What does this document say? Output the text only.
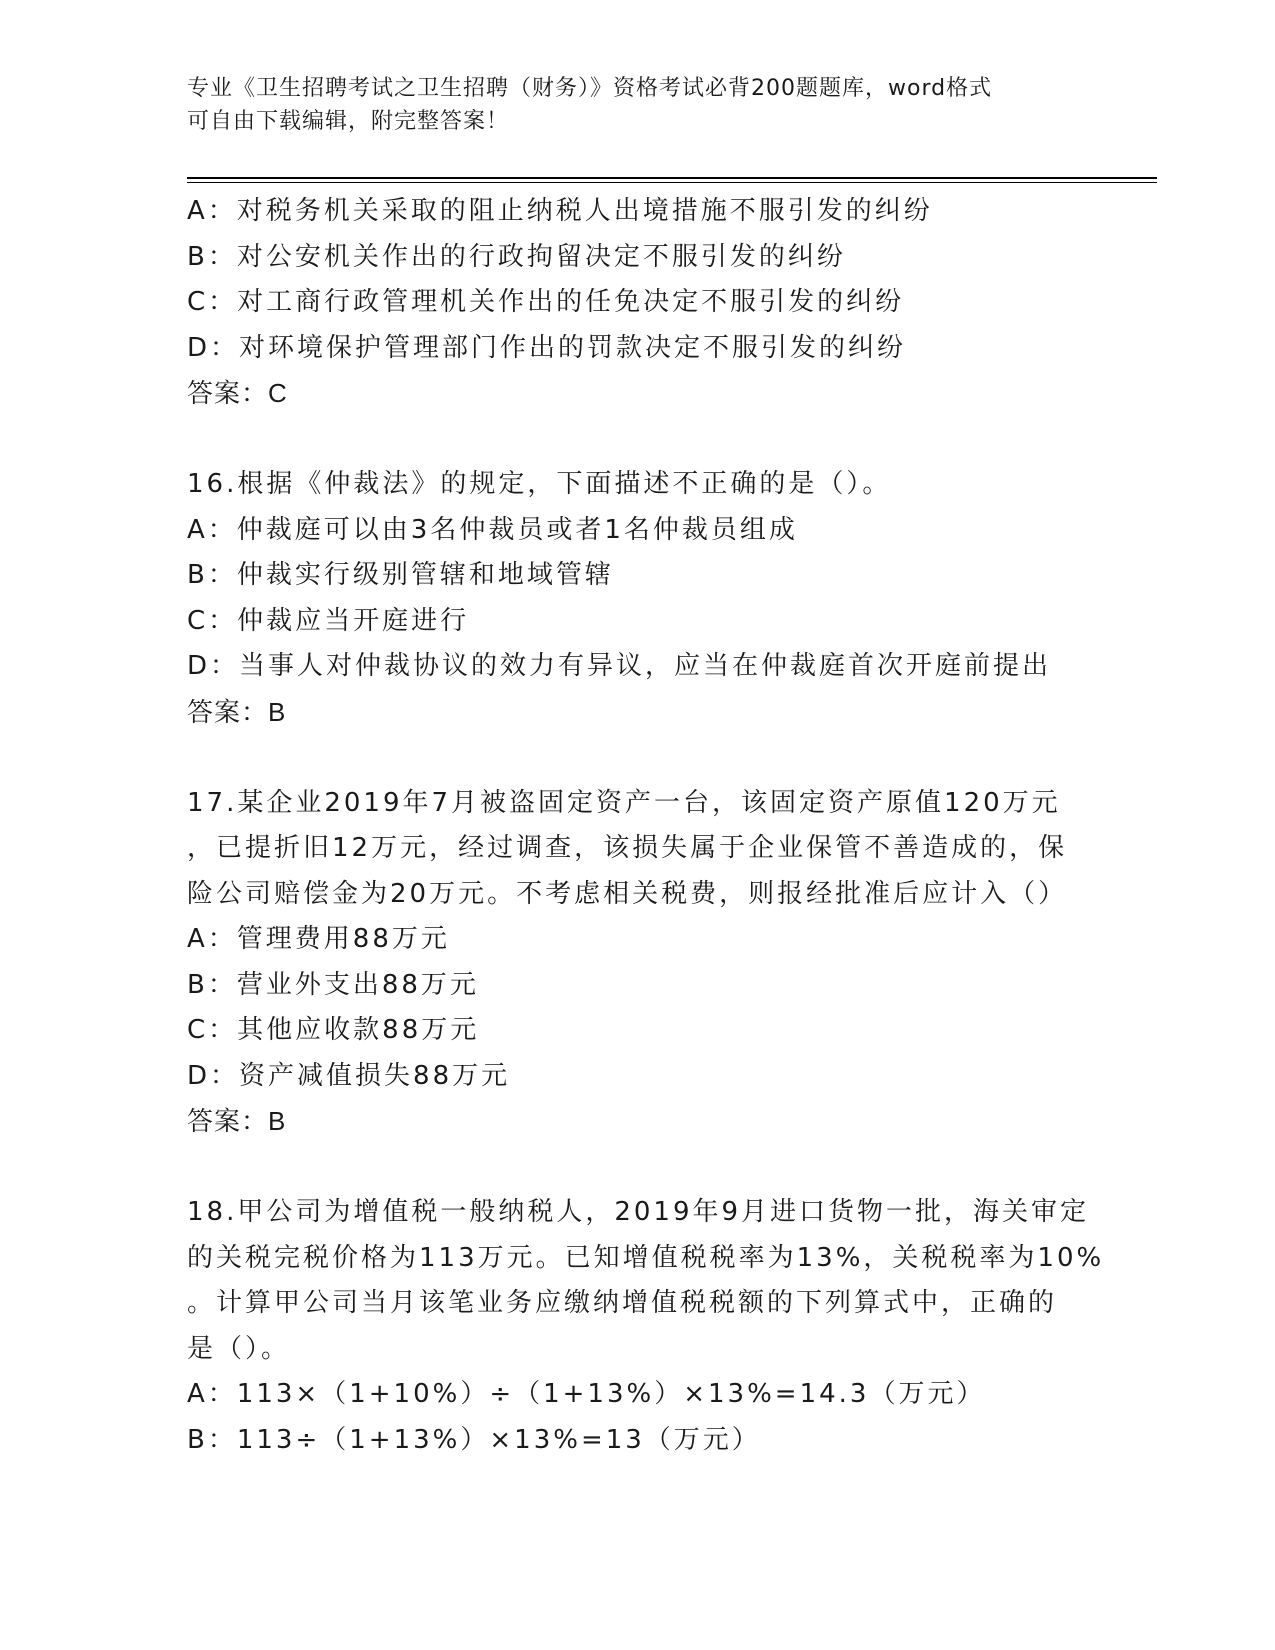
专业《卫生招聘考试之卫生招聘（财务）》资格考试必背200题题库，word格式
可自由下载编辑，附完整答案！
A：对税务机关采取的阻止纳税人出境措施不服引发的纠纷
B：对公安机关作出的行政拘留决定不服引发的纠纷
C：对工商行政管理机关作出的任免决定不服引发的纠纷
D：对环境保护管理部门作出的罚款决定不服引发的纠纷
答案：C
16.根据《仲裁法》的规定，下面描述不正确的是（）。
A：仲裁庭可以由3名仲裁员或者1名仲裁员组成
B：仲裁实行级别管辖和地域管辖
C：仲裁应当开庭进行
D：当事人对仲裁协议的效力有异议，应当在仲裁庭首次开庭前提出
答案：B
17.某企业2019年7月被盗固定资产一台，该固定资产原值120万元
，已提折旧12万元，经过调查，该损失属于企业保管不善造成的，保
险公司赔偿金为20万元。不考虑相关税费，则报经批准后应计入（）
A：管理费用88万元
B：营业外支出88万元
C：其他应收款88万元
D：资产减值损失88万元
答案：B
18.甲公司为增值税一般纳税人，2019年9月进口货物一批，海关审定
的关税完税价格为113万元。已知增值税税率为13%，关税税率为10%
。计算甲公司当月该笔业务应缴纳增值税税额的下列算式中，正确的
是（）。
A：113×（1+10%）÷（1+13%）×13%=14.3（万元）
B：113÷（1+13%）×13%=13（万元）
